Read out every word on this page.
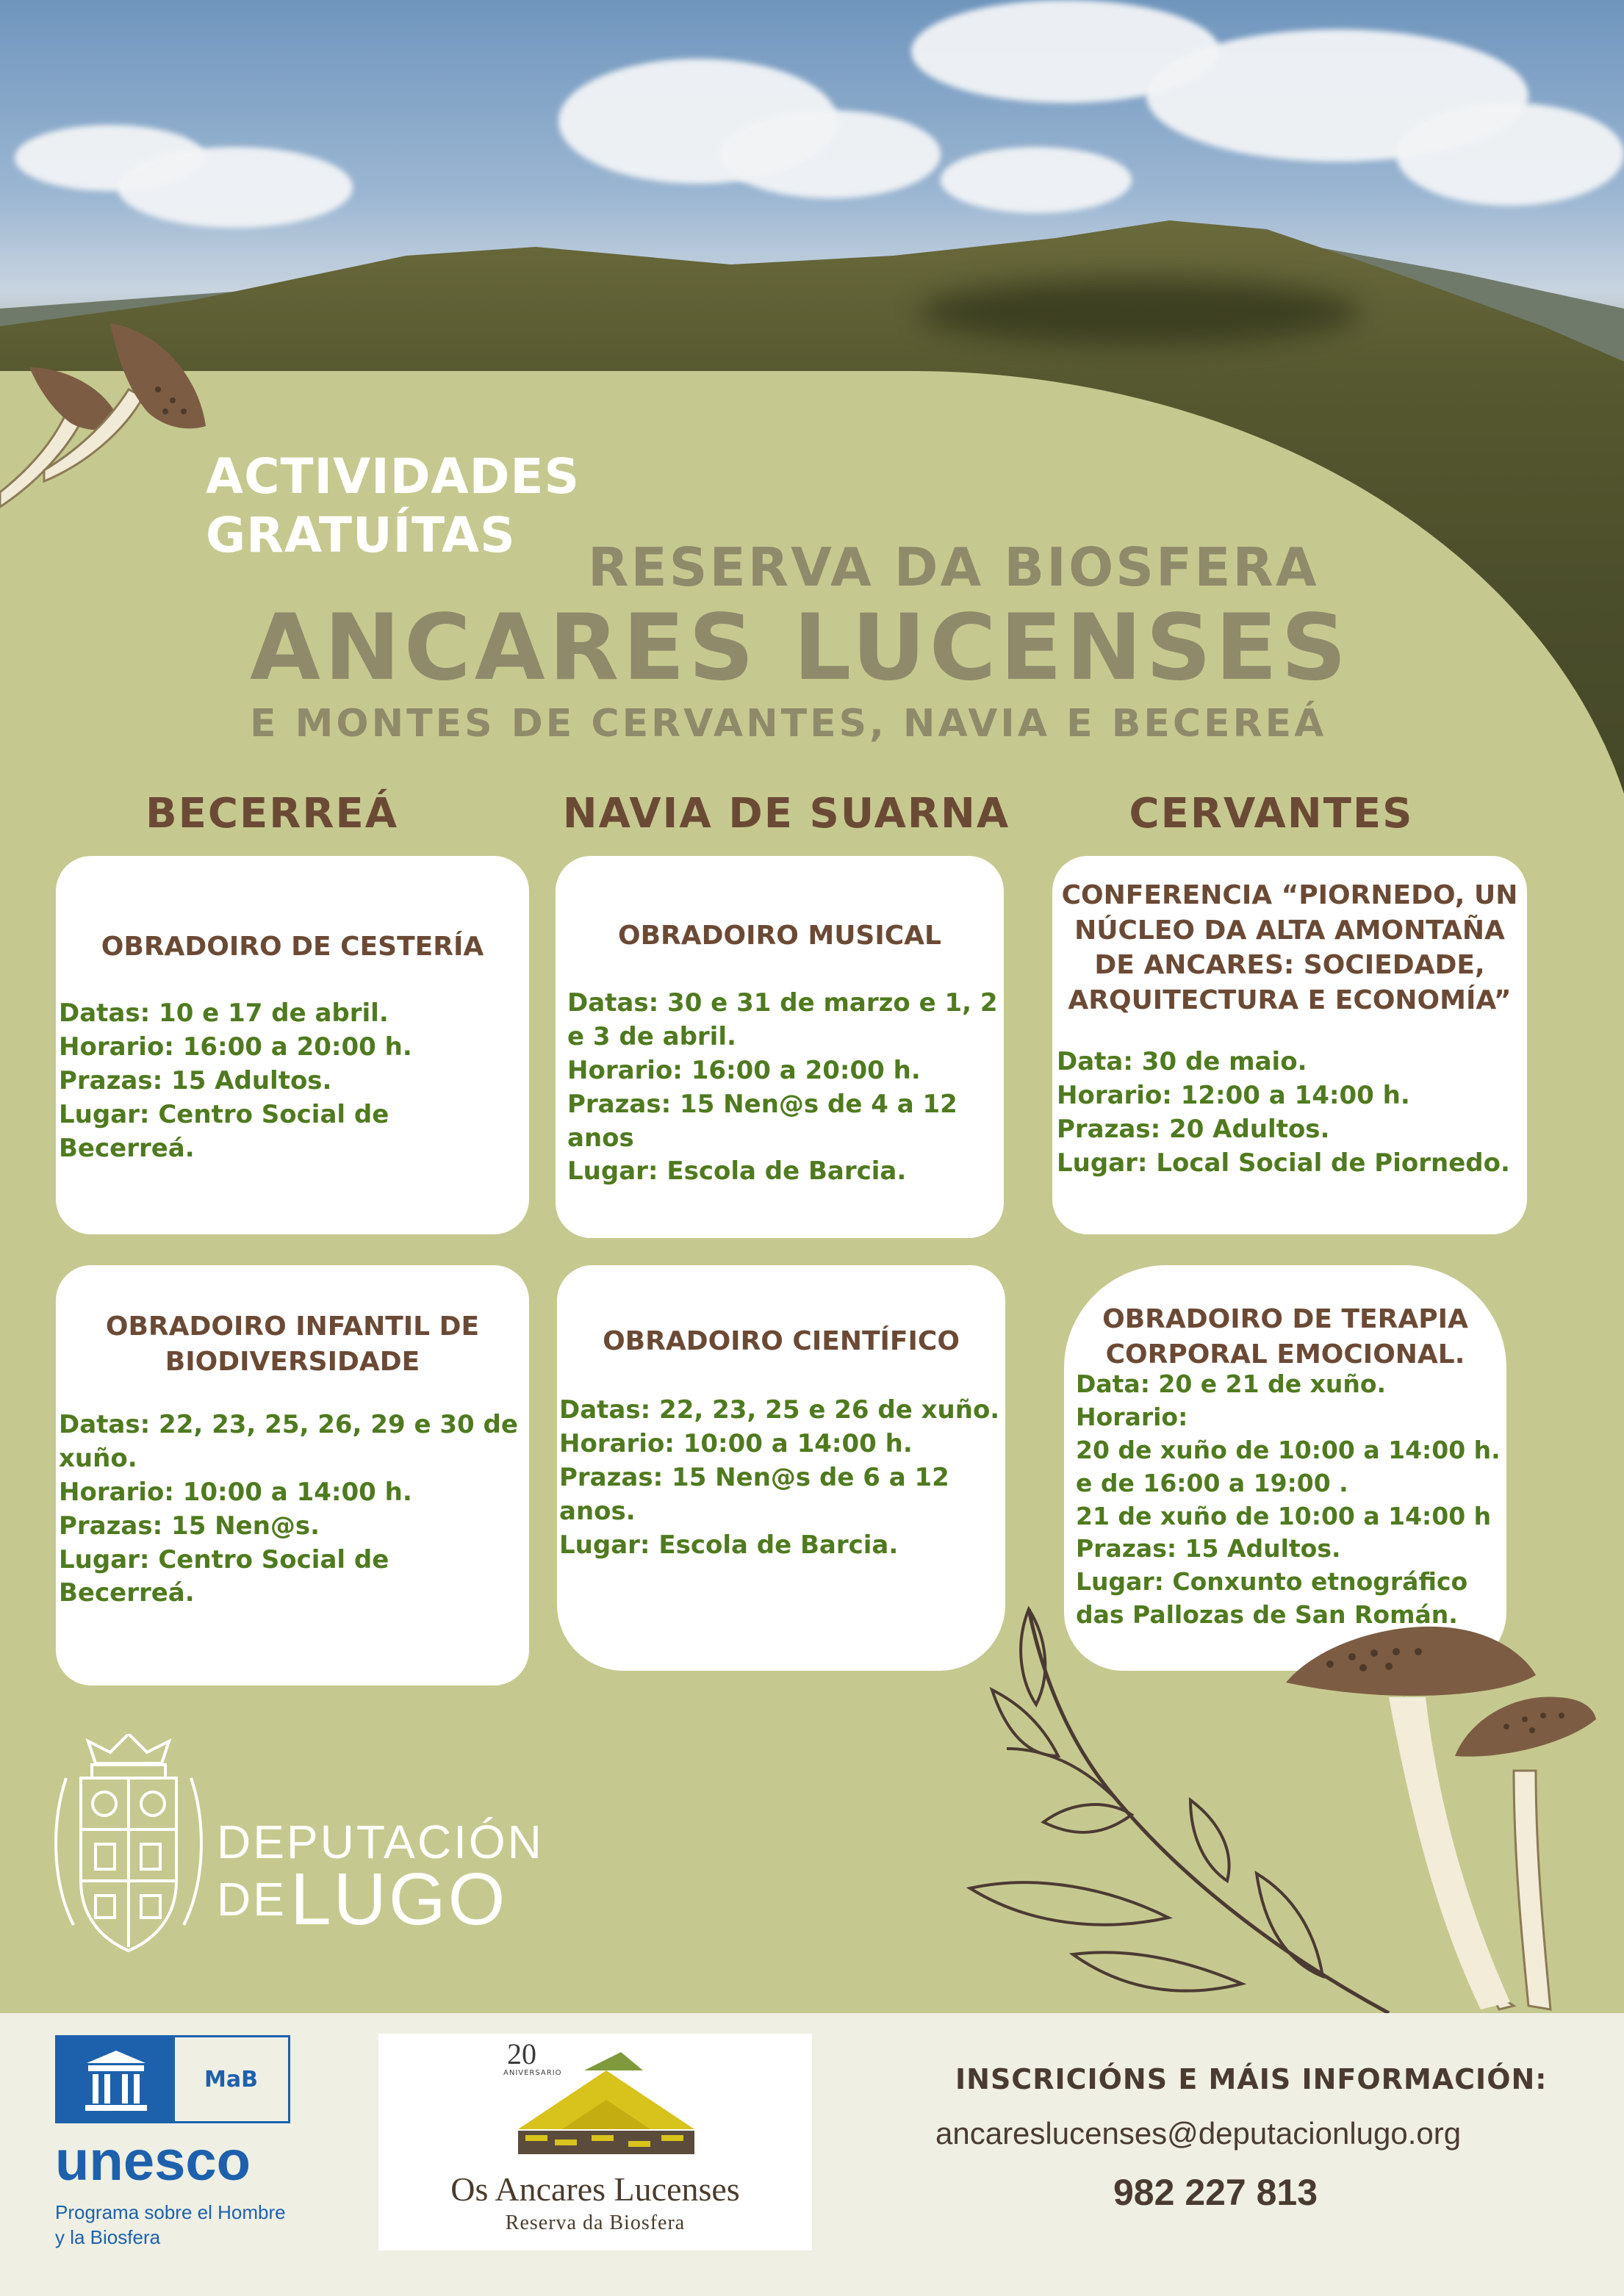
ACTIVIDADES
GRATUÍTAS
RESERVA DA BIOSFERA
ANCARES LUCENSES
E MONTES DE CERVANTES, NAVIA E BECEREÁ
BECERREÁ	NAVIA DE SUARNA	CERVANTES
OBRADOIRO DE CESTERÍA
Datas: 10 e 17 de abril.
Horario: 16:00 a 20:00 h.
Prazas: 15 Adultos.
Lugar: Centro Social de
Becerreá.
OBRADOIRO MUSICAL
Datas: 30 e 31 de marzo e 1, 2
e 3 de abril.
Horario: 16:00 a 20:00 h.
Prazas: 15 Nen@s de 4 a 12
anos
Lugar: Escola de Barcia.
CONFERENCIA “PIORNEDO, UN
NÚCLEO DA ALTA AMONTAÑA
DE ANCARES: SOCIEDADE,
ARQUITECTURA E ECONOMÍA”
Data: 30 de maio.
Horario: 12:00 a 14:00 h.
Prazas: 20 Adultos.
Lugar: Local Social de Piornedo.
OBRADOIRO INFANTIL DE
BIODIVERSIDADE
Datas: 22, 23, 25, 26, 29 e 30 de
xuño.
Horario: 10:00 a 14:00 h.
Prazas: 15 Nen@s.
Lugar: Centro Social de
Becerreá.
OBRADOIRO CIENTÍFICO
Datas: 22, 23, 25 e 26 de xuño.
Horario: 10:00 a 14:00 h.
Prazas: 15 Nen@s de 6 a 12
anos.
Lugar: Escola de Barcia.
OBRADOIRO DE TERAPIA
CORPORAL EMOCIONAL.
Data: 20 e 21 de xuño.
Horario:
20 de xuño de 10:00 a 14:00 h.
e de 16:00 a 19:00 .
21 de xuño de 10:00 a 14:00 h
Prazas: 15 Adultos.
Lugar: Conxunto etnográfico
das Pallozas de San Román.
DEPUTACIÓN
DE LUGO
MaB
unesco
Programa sobre el Hombre
y la Biosfera
20
ANIVERSARIO
Os Ancares Lucenses
Reserva da Biosfera
INSCRICIÓNS E MÁIS INFORMACIÓN:
ancareslucenses@deputacionlugo.org
982 227 813
